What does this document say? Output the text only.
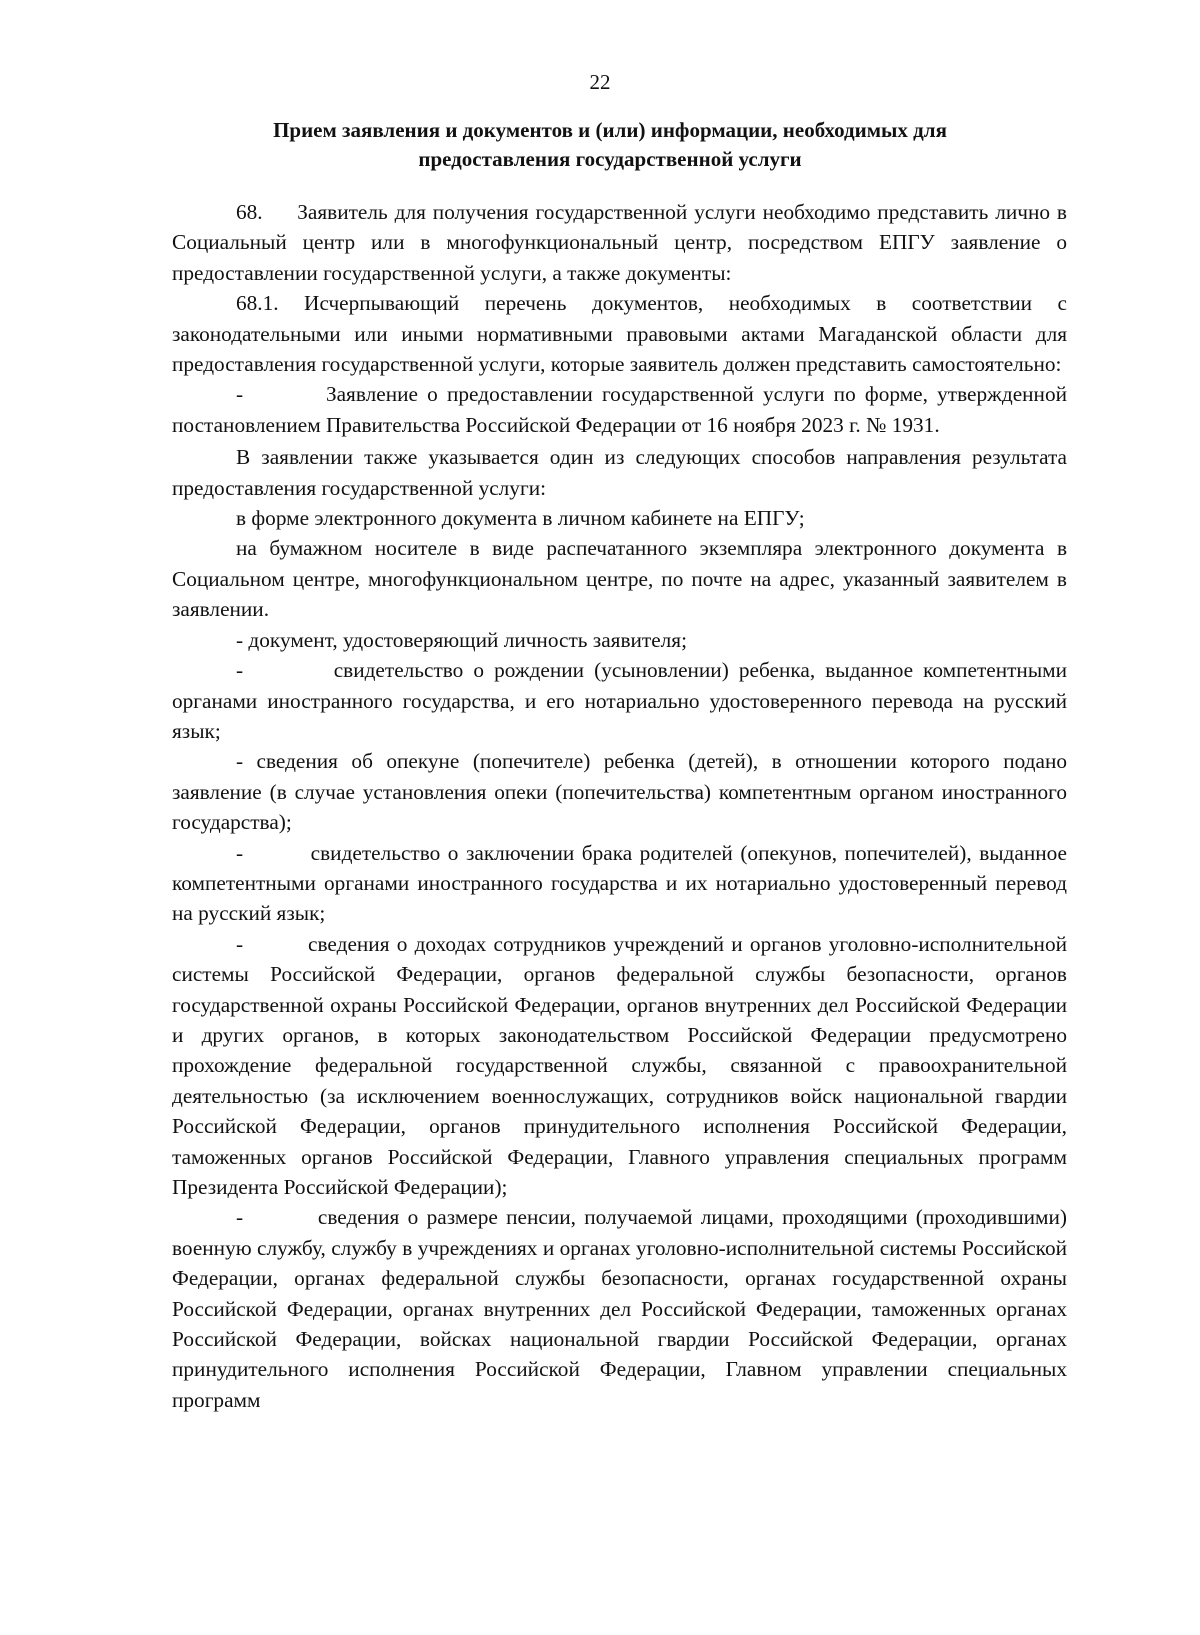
22
Прием заявления и документов и (или) информации, необходимых для
предоставления государственной услуги

68.     Заявитель для получения государственной услуги необходимо представить лично в Социальный центр или в многофункциональный центр, посредством ЕПГУ заявление о предоставлении государственной услуги, а также документы:

68.1. Исчерпывающий перечень документов, необходимых в соответствии с законодательными или иными нормативными правовыми актами Магаданской области для предоставления государственной услуги, которые заявитель должен представить самостоятельно:

-         Заявление о предоставлении государственной услуги по форме, утвержденной постановлением Правительства Российской Федерации от 16 ноября 2023 г. № 1931.

В заявлении также указывается один из следующих способов направления результата предоставления государственной услуги:

в форме электронного документа в личном кабинете на ЕПГУ;

на бумажном носителе в виде распечатанного экземпляра электронного документа в Социальном центре, многофункциональном центре, по почте на адрес, указанный заявителем в заявлении.

- документ, удостоверяющий личность заявителя;

-         свидетельство о рождении (усыновлении) ребенка, выданное компетентными органами иностранного государства, и его нотариально удостоверенного перевода на русский язык;

- сведения об опекуне (попечителе) ребенка (детей), в отношении которого подано заявление (в случае установления опеки (попечительства) компетентным органом иностранного государства);

-         свидетельство о заключении брака родителей (опекунов, попечителей), выданное компетентными органами иностранного государства и их нотариально удостоверенный перевод на русский язык;

-         сведения о доходах сотрудников учреждений и органов уголовно-исполнительной системы Российской Федерации, органов федеральной службы безопасности, органов государственной охраны Российской Федерации, органов внутренних дел Российской Федерации и других органов, в которых законодательством Российской Федерации предусмотрено прохождение федеральной государственной службы, связанной с правоохранительной деятельностью (за исключением военнослужащих, сотрудников войск национальной гвардии Российской Федерации, органов принудительного исполнения Российской Федерации, таможенных органов Российской Федерации, Главного управления специальных программ Президента Российской Федерации);

-         сведения о размере пенсии, получаемой лицами, проходящими (проходившими) военную службу, службу в учреждениях и органах уголовно-исполнительной системы Российской Федерации, органах федеральной службы безопасности, органах государственной охраны Российской Федерации, органах внутренних дел Российской Федерации, таможенных органах Российской Федерации, войсках национальной гвардии Российской Федерации, органах принудительного исполнения Российской Федерации, Главном управлении специальных программ
